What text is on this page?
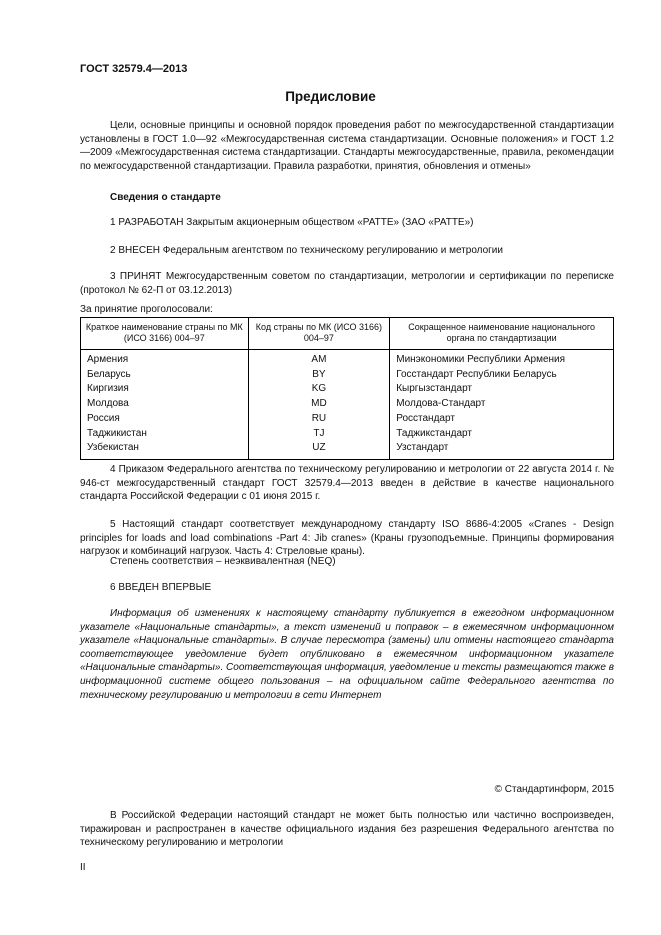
ГОСТ 32579.4—2013
Предисловие

Цели, основные принципы и основной порядок проведения работ по межгосударственной стандартизации установлены в ГОСТ 1.0—92 «Межгосударственная система стандартизации. Основные положения» и ГОСТ 1.2—2009 «Межгосударственная система стандартизации. Стандарты межгосударственные, правила, рекомендации по межгосударственной стандартизации. Правила разработки, принятия, обновления и отмены»

Сведения о стандарте

1 РАЗРАБОТАН Закрытым акционерным обществом «РАТТЕ» (ЗАО «РАТТЕ»)

2 ВНЕСЕН Федеральным агентством по техническому регулированию и метрологии

3 ПРИНЯТ Межгосударственным советом по стандартизации, метрологии и сертификации по переписке (протокол № 62-П от 03.12.2013)

За принятие проголосовали:
Краткое наименование страны по МК (ИСО 3166) 004–97	Код страны по МК (ИСО 3166) 004–97	Сокращенное наименование национального органа по стандартизации
Армения	AM	Минэкономики Республики Армения
Беларусь	BY	Госстандарт Республики Беларусь
Киргизия	KG	Кыргызстандарт
Молдова	MD	Молдова-Стандарт
Россия	RU	Росстандарт
Таджикистан	TJ	Таджикстандарт
Узбекистан	UZ	Узстандарт

4 Приказом Федерального агентства по техническому регулированию и метрологии от 22 августа 2014 г. № 946-ст межгосударственный стандарт ГОСТ 32579.4—2013 введен в действие в качестве национального стандарта Российской Федерации с 01 июня 2015 г.

5 Настоящий стандарт соответствует международному стандарту ISO 8686-4:2005 «Cranes - Design principles for loads and load combinations -Part 4: Jib cranes» (Краны грузоподъемные. Принципы формирования нагрузок и комбинаций нагрузок. Часть 4: Стреловые краны).

Степень соответствия – неэквивалентная (NEQ)

6 ВВЕДЕН ВПЕРВЫЕ

Информация об изменениях к настоящему стандарту публикуется в ежегодном информационном указателе «Национальные стандарты», а текст изменений и поправок – в ежемесячном информационном указателе «Национальные стандарты». В случае пересмотра (замены) или отмены настоящего стандарта соответствующее уведомление будет опубликовано в ежемесячном информационном указателе «Национальные стандарты». Соответствующая информация, уведомление и тексты размещаются также в информационной системе общего пользования – на официальном сайте Федерального агентства по техническому регулированию и метрологии в сети Интернет

© Стандартинформ, 2015

В Российской Федерации настоящий стандарт не может быть полностью или частично воспроизведен, тиражирован и распространен в качестве официального издания без разрешения Федерального агентства по техническому регулированию и метрологии

II
